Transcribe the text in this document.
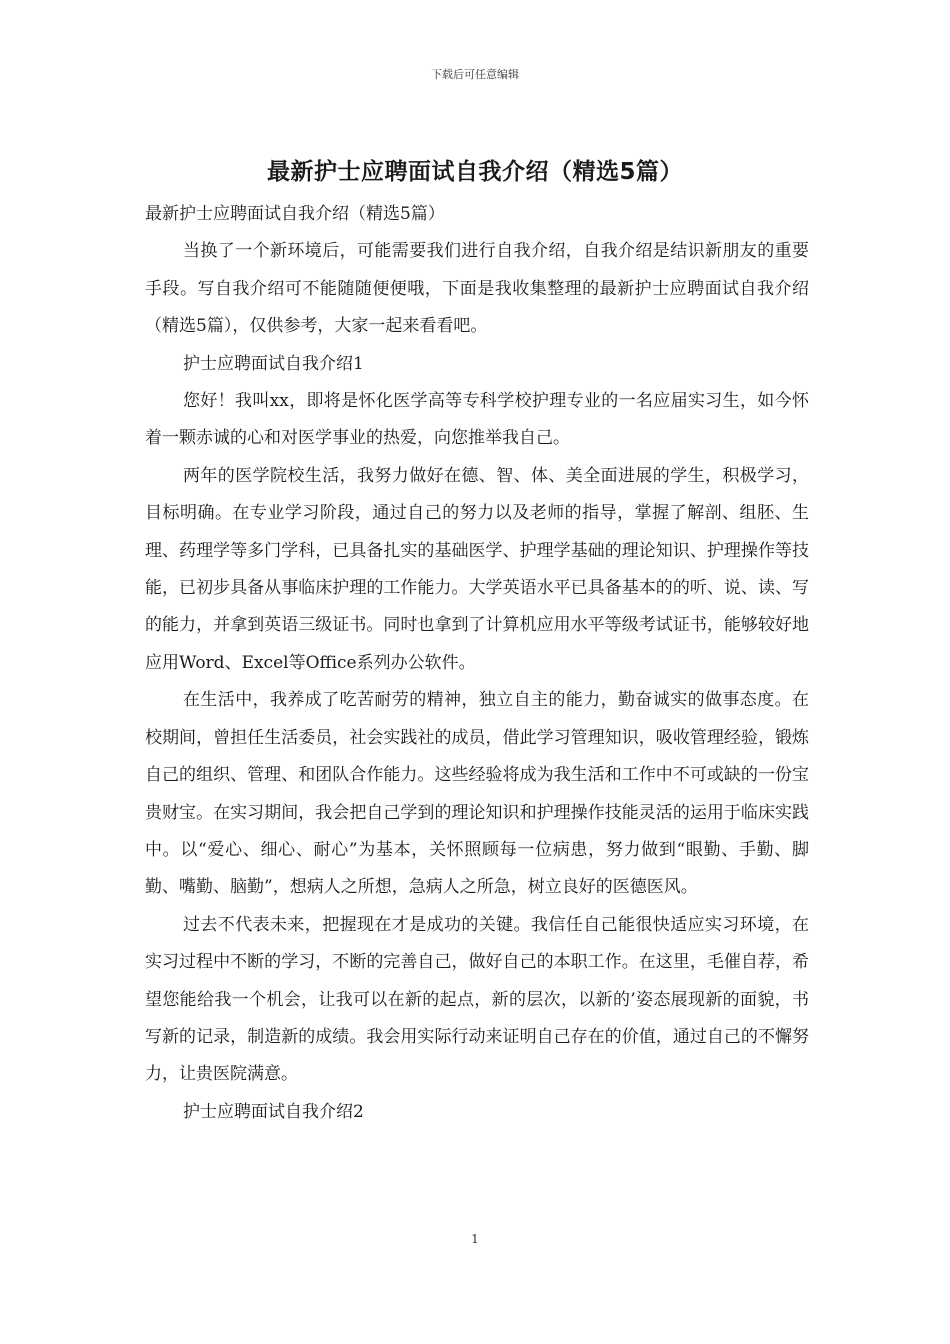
下载后可任意编辑
最新护士应聘面试自我介绍（精选5篇）

最新护士应聘面试自我介绍（精选5篇）

当换了一个新环境后，可能需要我们进行自我介绍，自我介绍是结识新朋友的重要手段。写自我介绍可不能随随便便哦，下面是我收集整理的最新护士应聘面试自我介绍（精选5篇），仅供参考，大家一起来看看吧。

护士应聘面试自我介绍1

您好！我叫xx，即将是怀化医学高等专科学校护理专业的一名应届实习生，如今怀着一颗赤诚的心和对医学事业的热爱，向您推举我自己。

两年的医学院校生活，我努力做好在德、智、体、美全面进展的学生，积极学习，目标明确。在专业学习阶段，通过自己的努力以及老师的指导，掌握了解剖、组胚、生理、药理学等多门学科，已具备扎实的基础医学、护理学基础的理论知识、护理操作等技能，已初步具备从事临床护理的工作能力。大学英语水平已具备基本的的听、说、读、写的能力，并拿到英语三级证书。同时也拿到了计算机应用水平等级考试证书，能够较好地应用Word、Excel等Office系列办公软件。

在生活中，我养成了吃苦耐劳的精神，独立自主的能力，勤奋诚实的做事态度。在校期间，曾担任生活委员，社会实践社的成员，借此学习管理知识，吸收管理经验，锻炼自己的组织、管理、和团队合作能力。这些经验将成为我生活和工作中不可或缺的一份宝贵财宝。在实习期间，我会把自己学到的理论知识和护理操作技能灵活的运用于临床实践中。以“爱心、细心、耐心”为基本，关怀照顾每一位病患，努力做到“眼勤、手勤、脚勤、嘴勤、脑勤”，想病人之所想，急病人之所急，树立良好的医德医风。

过去不代表未来，把握现在才是成功的关键。我信任自己能很快适应实习环境，在实习过程中不断的学习，不断的完善自己，做好自己的本职工作。在这里，毛催自荐，希望您能给我一个机会，让我可以在新的起点，新的层次，以新的’姿态展现新的面貌，书写新的记录，制造新的成绩。我会用实际行动来证明自己存在的价值，通过自己的不懈努力，让贵医院满意。

护士应聘面试自我介绍2

1
